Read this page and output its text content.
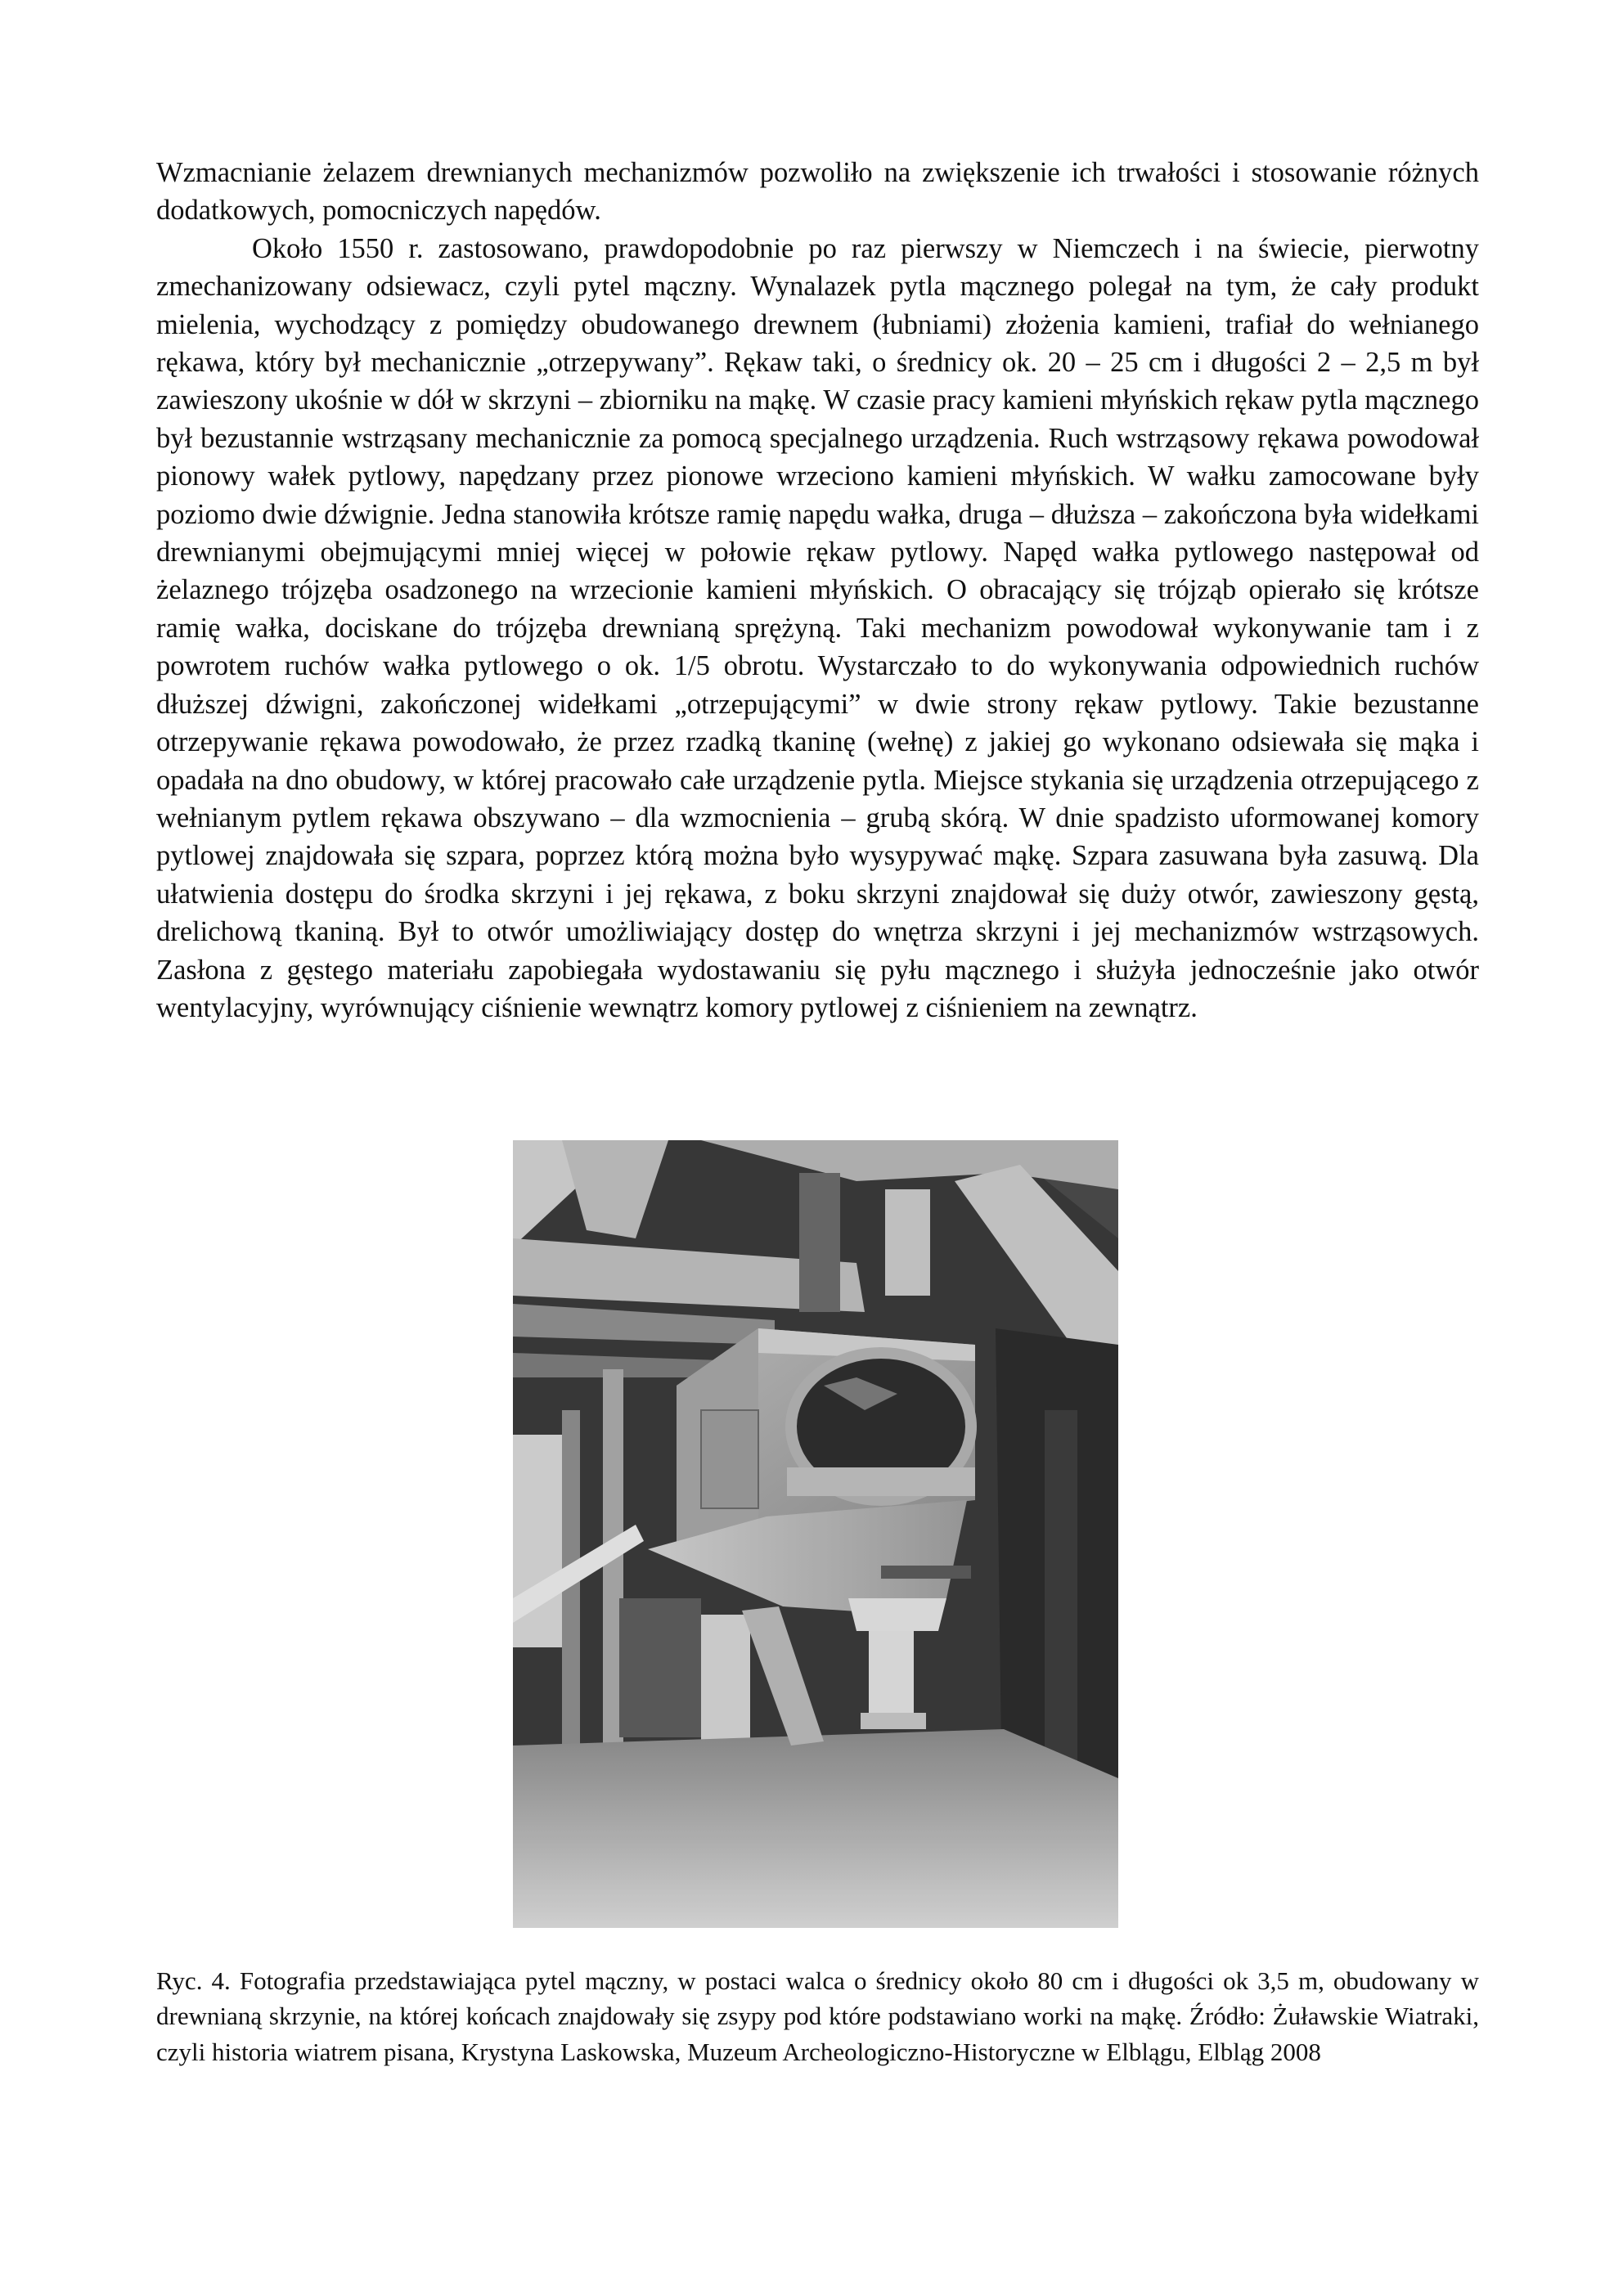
Wzmacnianie żelazem drewnianych mechanizmów pozwoliło na zwiększenie ich trwałości i stosowanie różnych dodatkowych, pomocniczych napędów.

Około 1550 r. zastosowano, prawdopodobnie po raz pierwszy w Niemczech i na świecie, pierwotny zmechanizowany odsiewacz, czyli pytel mączny. Wynalazek pytla mącznego polegał na tym, że cały produkt mielenia, wychodzący z pomiędzy obudowanego drewnem (łubniami) złożenia kamieni, trafiał do wełnianego rękawa, który był mechanicznie „otrzepywany”. Rękaw taki, o średnicy ok. 20 – 25 cm i długości 2 – 2,5 m był zawieszony ukośnie w dół w skrzyni – zbiorniku na mąkę. W czasie pracy kamieni młyńskich rękaw pytla mącznego był bezustannie wstrząsany mechanicznie za pomocą specjalnego urządzenia. Ruch wstrząsowy rękawa powodował pionowy wałek pytlowy, napędzany przez pionowe wrzeciono kamieni młyńskich. W wałku zamocowane były poziomo dwie dźwignie. Jedna stanowiła krótsze ramię napędu wałka, druga – dłuższa – zakończona była widełkami drewnianymi obejmującymi mniej więcej w połowie rękaw pytlowy. Napęd wałka pytlowego następował od żelaznego trójzęba osadzonego na wrzecionie kamieni młyńskich. O obracający się trójząb opierało się krótsze ramię wałka, dociskane do trójzęba drewnianą sprężyną. Taki mechanizm powodował wykonywanie tam i z powrotem ruchów wałka pytlowego o ok. 1/5 obrotu. Wystarczało to do wykonywania odpowiednich ruchów dłuższej dźwigni, zakończonej widełkami „otrzepującymi” w dwie strony rękaw pytlowy. Takie bezustanne otrzepywanie rękawa powodowało, że przez rzadką tkaninę (wełnę) z jakiej go wykonano odsiewała się mąka i opadała na dno obudowy, w której pracowało całe urządzenie pytla. Miejsce stykania się urządzenia otrzepującego z wełnianym pytlem rękawa obszywano – dla wzmocnienia – grubą skórą. W dnie spadzisto uformowanej komory pytlowej znajdowała się szpara, poprzez którą można było wysypywać mąkę. Szpara zasuwana była zasuwą. Dla ułatwienia dostępu do środka skrzyni i jej rękawa, z boku skrzyni znajdował się duży otwór, zawieszony gęstą, drelichową tkaniną. Był to otwór umożliwiający dostęp do wnętrza skrzyni i jej mechanizmów wstrząsowych. Zasłona z gęstego materiału zapobiegała wydostawaniu się pyłu mącznego i służyła jednocześnie jako otwór wentylacyjny, wyrównujący ciśnienie wewnątrz komory pytlowej z ciśnieniem na zewnątrz.

Ryc. 4. Fotografia przedstawiająca pytel mączny, w postaci walca o średnicy około 80 cm i długości ok 3,5 m, obudowany w drewnianą skrzynie, na której końcach znajdowały się zsypy pod które podstawiano worki na mąkę. Źródło: Żuławskie Wiatraki, czyli historia wiatrem pisana, Krystyna Laskowska, Muzeum Archeologiczno-Historyczne w Elblągu, Elbląg 2008
